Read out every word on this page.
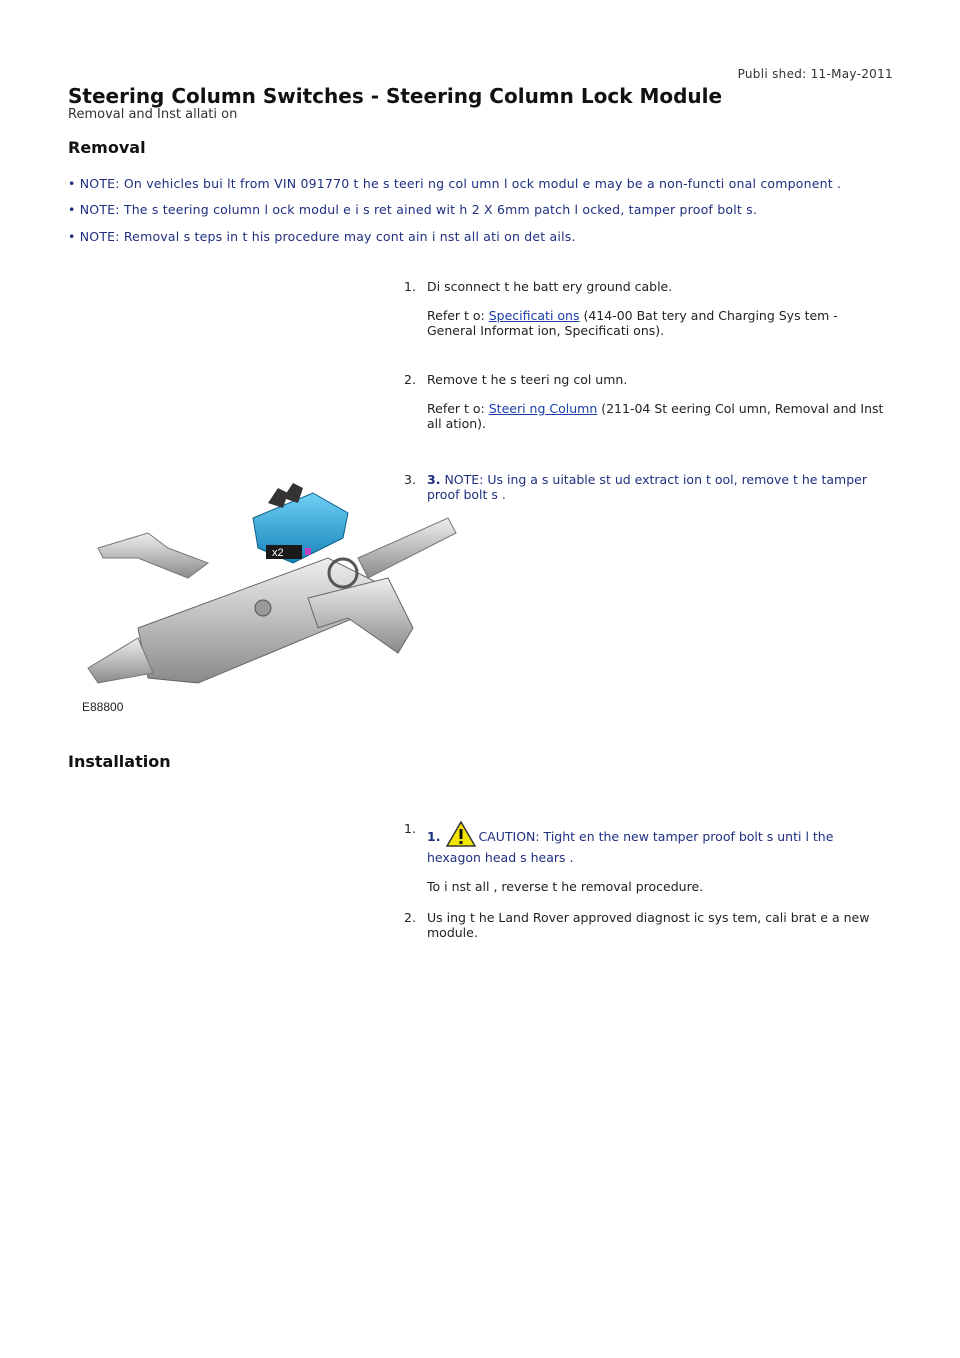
Publi shed: 11-May-2011
Steering Column Switches - Steering Column Lock Module
Removal and Inst allati on
Removal
• NOTE: On vehicles bui lt from VIN 091770 t he s teeri ng col umn l ock modul e may be a non-functi onal component .
• NOTE: The s teering column l ock modul e i s ret ained wit h 2 X 6mm patch l ocked, tamper proof bolt s.
• NOTE: Removal s teps in t his procedure may cont ain i nst all ati on det ails.
1. Di sconnect t he batt ery ground cable.

Refer t o: Specificati ons (414-00 Bat tery and Charging Sys tem - General Informat ion, Specificati ons).

2. Remove t he s teeri ng col umn.

Refer t o: Steeri ng Column (211-04 St eering Col umn, Removal and Inst all ation).

3. 3. NOTE: Us ing a s uitable st ud extract ion t ool, remove t he tamper proof bolt s .

x2
E88800
Installation
1.

1.	CAUTION: Tight en the new tamper proof bolt s unti l the hexagon head s hears .

To i nst all , reverse t he removal procedure.

2. Us ing t he Land Rover approved diagnost ic sys tem, cali brat e a new module.
